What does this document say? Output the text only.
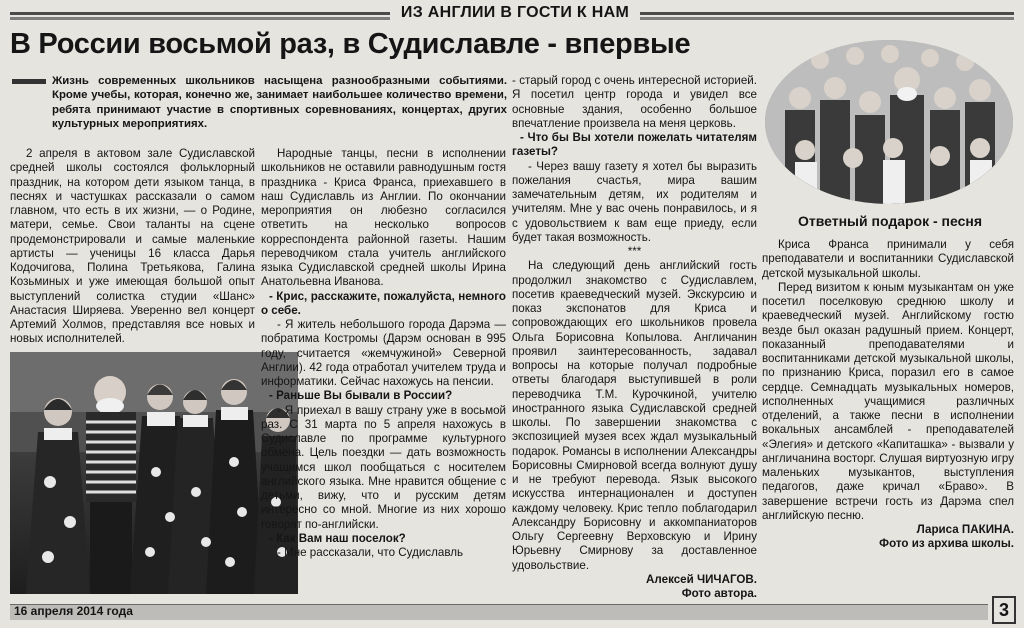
ИЗ АНГЛИИ В ГОСТИ К НАМ
В России восьмой раз, в Судиславле - впервые
Жизнь современных школьников насыщена разнообразными событиями. Кроме учебы, которая, конечно же, занимает наибольшее количество времени, ребята принимают участие в спортивных соревнованиях, концертах, других культурных мероприятиях.

2 апреля в актовом зале Судиславской средней школы состоялся фольклорный праздник, на котором дети языком танца, в песнях и частушках рассказали о самом главном, что есть в их жизни, — о Родине, матери, семье. Свои таланты на сцене продемонстрировали и самые маленькие артисты — ученицы 16 класса Дарья Кодочигова, Полина Третьякова, Галина Козьминых и уже имеющая большой опыт выступлений солистка студии «Шанс» Анастасия Ширяева. Уверенно вел концерт Артемий Холмов, представляя все новых и новых исполнителей.

Народные танцы, песни в исполнении школьников не оставили равнодушным гостя праздника - Криса Франса, приехавшего в наш Судиславль из Англии. По окончании мероприятия он любезно согласился ответить на несколько вопросов корреспондента районной газеты. Нашим переводчиком стала учитель английского языка Судиславской средней школы Ирина Анатольевна Иванова.

- Крис, расскажите, пожалуйста, немного о себе.

- Я житель небольшого города Дарэма — побратима Костромы (Дарэм основан в 995 году, считается «жемчужиной» Северной Англии). 42 года отработал учителем труда и информатики. Сейчас нахожусь на пенсии.

- Раньше Вы бывали в России?

- Я приехал в вашу страну уже в восьмой раз. С 31 марта по 5 апреля нахожусь в Судиславле по программе культурного обмена. Цель поездки — дать возможность учащимся школ пообщаться с носителем английского языка. Мне нравится общение с детьми, вижу, что и русским детям интересно со мной. Многие из них хорошо говорят по-английски.

- Как Вам наш поселок?

- Мне рассказали, что Судиславль

- старый город с очень интересной историей. Я посетил центр города и увидел все основные здания, особенно большое впечатление произвела на меня церковь.

- Что бы Вы хотели пожелать читателям газеты?

- Через вашу газету я хотел бы выразить пожелания счастья, мира вашим замечательным детям, их родителям и учителям. Мне у вас очень понравилось, и я с удовольствием к вам еще приеду, если будет такая возможность.

***

На следующий день английский гость продолжил знакомство с Судиславлем, посетив краеведческий музей. Экскурсию и показ экспонатов для Криса и сопровождающих его школьников провела Ольга Борисовна Копылова. Англичанин проявил заинтересованность, задавал вопросы на которые получал подробные ответы благодаря выступившей в роли переводчика Т.М. Курочкиной, учителю иностранного языка Судиславской средней школы. По завершении знакомства с экспозицией музея всех ждал музыкальный подарок. Романсы в исполнении Александры Борисовны Смирновой всегда волнуют душу и не требуют перевода. Язык высокого искусства интернационален и доступен каждому человеку. Крис тепло поблагодарил Александру Борисовну и аккомпаниаторов Ольгу Сергеевну Верховскую и Ирину Юрьевну Смирнову за доставленное удовольствие.

Алексей ЧИЧАГОВ.

Фото автора.

Ответный подарок - песня

Криса Франса принимали у себя преподаватели и воспитанники Судиславской детской музыкальной школы.

Перед визитом к юным музыкантам он уже посетил поселковую среднюю школу и краеведческий музей. Английскому гостю везде был оказан радушный прием. Концерт, показанный преподавателями и воспитанниками детской музыкальной школы, по признанию Криса, поразил его в самое сердце. Семнадцать музыкальных номеров, исполненных учащимися различных отделений, а также песни в исполнении вокальных ансамблей - преподавателей «Элегия» и детского «Капиташка» - вызвали у англичанина восторг. Слушая виртуозную игру маленьких музыкантов, выступления педагогов, даже кричал «Браво». В завершение встречи гость из Дарэма спел английскую песню.

Лариса ПАКИНА.

Фото из архива школы.

16 апреля 2014 года	3
